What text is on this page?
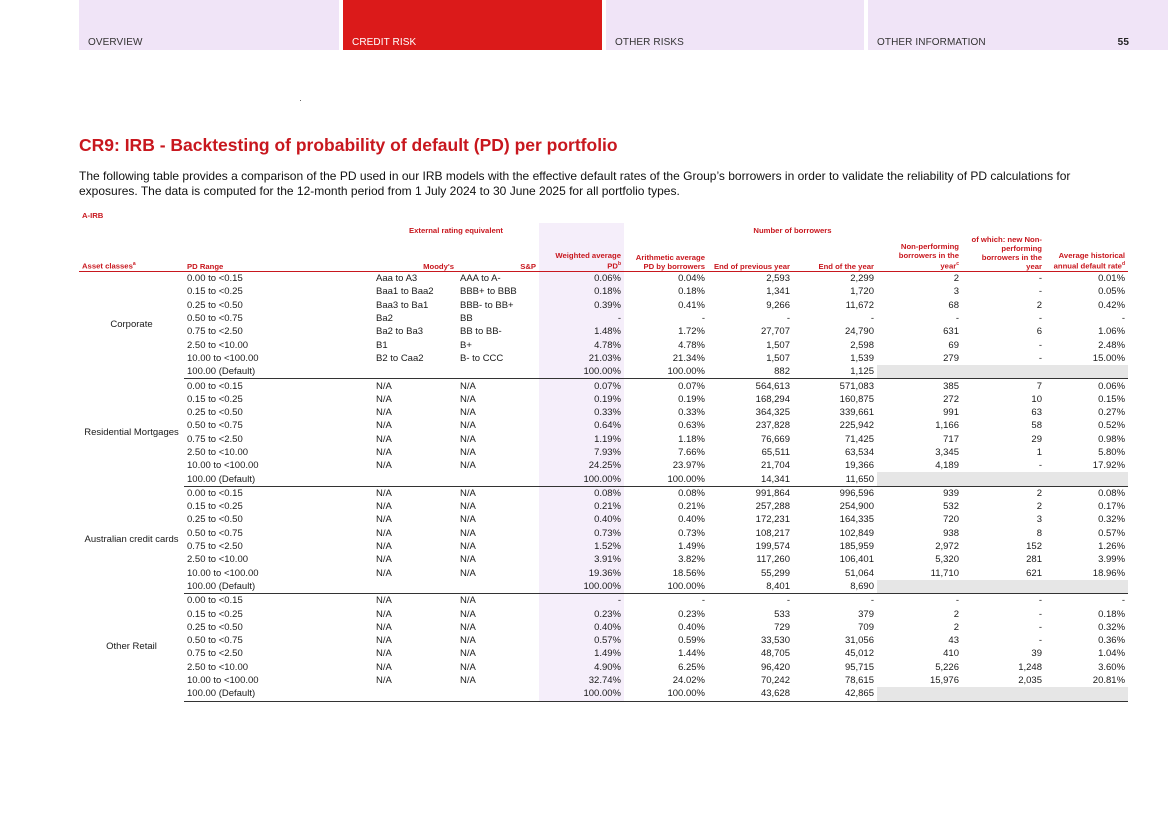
OVERVIEW	CREDIT RISK	OTHER RISKS	OTHER INFORMATION	55
CR9: IRB - Backtesting of probability of default (PD) per portfolio

The following table provides a comparison of the PD used in our IRB models with the effective default rates of the Group’s borrowers in order to validate the reliability of PD calculations for exposures. The data is computed for the 12-month period from 1 July 2024 to 30 June 2025 for all portfolio types.

A-IRB										
		External rating equivalent				Number of borrowers				
Asset classes$^a$	PD Range	Moody's	S&P	Weighted average $PD^b$	Arithmetic average PD by borrowers	End of previous year	End of the year	Non-performing borrowers in the year$^c$	of which: new Non-performing borrowers in the year	Average historical annual default rate$^d$
Corporate	0.00 to <0.15	Aaa to A3	AAA to A-	0.06%	0.04%	2,593	2,299	2	-	0.01%
	0.15 to <0.25	Baa1 to Baa2	BBB+ to BBB	0.18%	0.18%	1,341	1,720	3	-	0.05%
	0.25 to <0.50	Baa3 to Ba1	BBB- to BB+	0.39%	0.41%	9,266	11,672	68	2	0.42%
	0.50 to <0.75	Ba2	BB	-	-	-	-	-	-	-
	0.75 to <2.50	Ba2 to Ba3	BB to BB-	1.48%	1.72%	27,707	24,790	631	6	1.06%
	2.50 to <10.00	B1	B+	4.78%	4.78%	1,507	2,598	69	-	2.48%
	10.00 to <100.00	B2 to Caa2	B- to CCC	21.03%	21.34%	1,507	1,539	279	-	15.00%
	100.00 (Default)			100.00%	100.00%	882	1,125			
Residential Mortgages	0.00 to <0.15	N/A	N/A	0.07%	0.07%	564,613	571,083	385	7	0.06%
	0.15 to <0.25	N/A	N/A	0.19%	0.19%	168,294	160,875	272	10	0.15%
	0.25 to <0.50	N/A	N/A	0.33%	0.33%	364,325	339,661	991	63	0.27%
	0.50 to <0.75	N/A	N/A	0.64%	0.63%	237,828	225,942	1,166	58	0.52%
	0.75 to <2.50	N/A	N/A	1.19%	1.18%	76,669	71,425	717	29	0.98%
	2.50 to <10.00	N/A	N/A	7.93%	7.66%	65,511	63,534	3,345	1	5.80%
	10.00 to <100.00	N/A	N/A	24.25%	23.97%	21,704	19,366	4,189	-	17.92%
	100.00 (Default)			100.00%	100.00%	14,341	11,650			
Australian credit cards	0.00 to <0.15	N/A	N/A	0.08%	0.08%	991,864	996,596	939	2	0.08%
	0.15 to <0.25	N/A	N/A	0.21%	0.21%	257,288	254,900	532	2	0.17%
	0.25 to <0.50	N/A	N/A	0.40%	0.40%	172,231	164,335	720	3	0.32%
	0.50 to <0.75	N/A	N/A	0.73%	0.73%	108,217	102,849	938	8	0.57%
	0.75 to <2.50	N/A	N/A	1.52%	1.49%	199,574	185,959	2,972	152	1.26%
	2.50 to <10.00	N/A	N/A	3.91%	3.82%	117,260	106,401	5,320	281	3.99%
	10.00 to <100.00	N/A	N/A	19.36%	18.56%	55,299	51,064	11,710	621	18.96%
	100.00 (Default)			100.00%	100.00%	8,401	8,690			
Other Retail	0.00 to <0.15	N/A	N/A	-	-	-	-	-	-	-
	0.15 to <0.25	N/A	N/A	0.23%	0.23%	533	379	2	-	0.18%
	0.25 to <0.50	N/A	N/A	0.40%	0.40%	729	709	2	-	0.32%
	0.50 to <0.75	N/A	N/A	0.57%	0.59%	33,530	31,056	43	-	0.36%
	0.75 to <2.50	N/A	N/A	1.49%	1.44%	48,705	45,012	410	39	1.04%
	2.50 to <10.00	N/A	N/A	4.90%	6.25%	96,420	95,715	5,226	1,248	3.60%
	10.00 to <100.00	N/A	N/A	32.74%	24.02%	70,242	78,615	15,976	2,035	20.81%
	100.00 (Default)			100.00%	100.00%	43,628	42,865			
